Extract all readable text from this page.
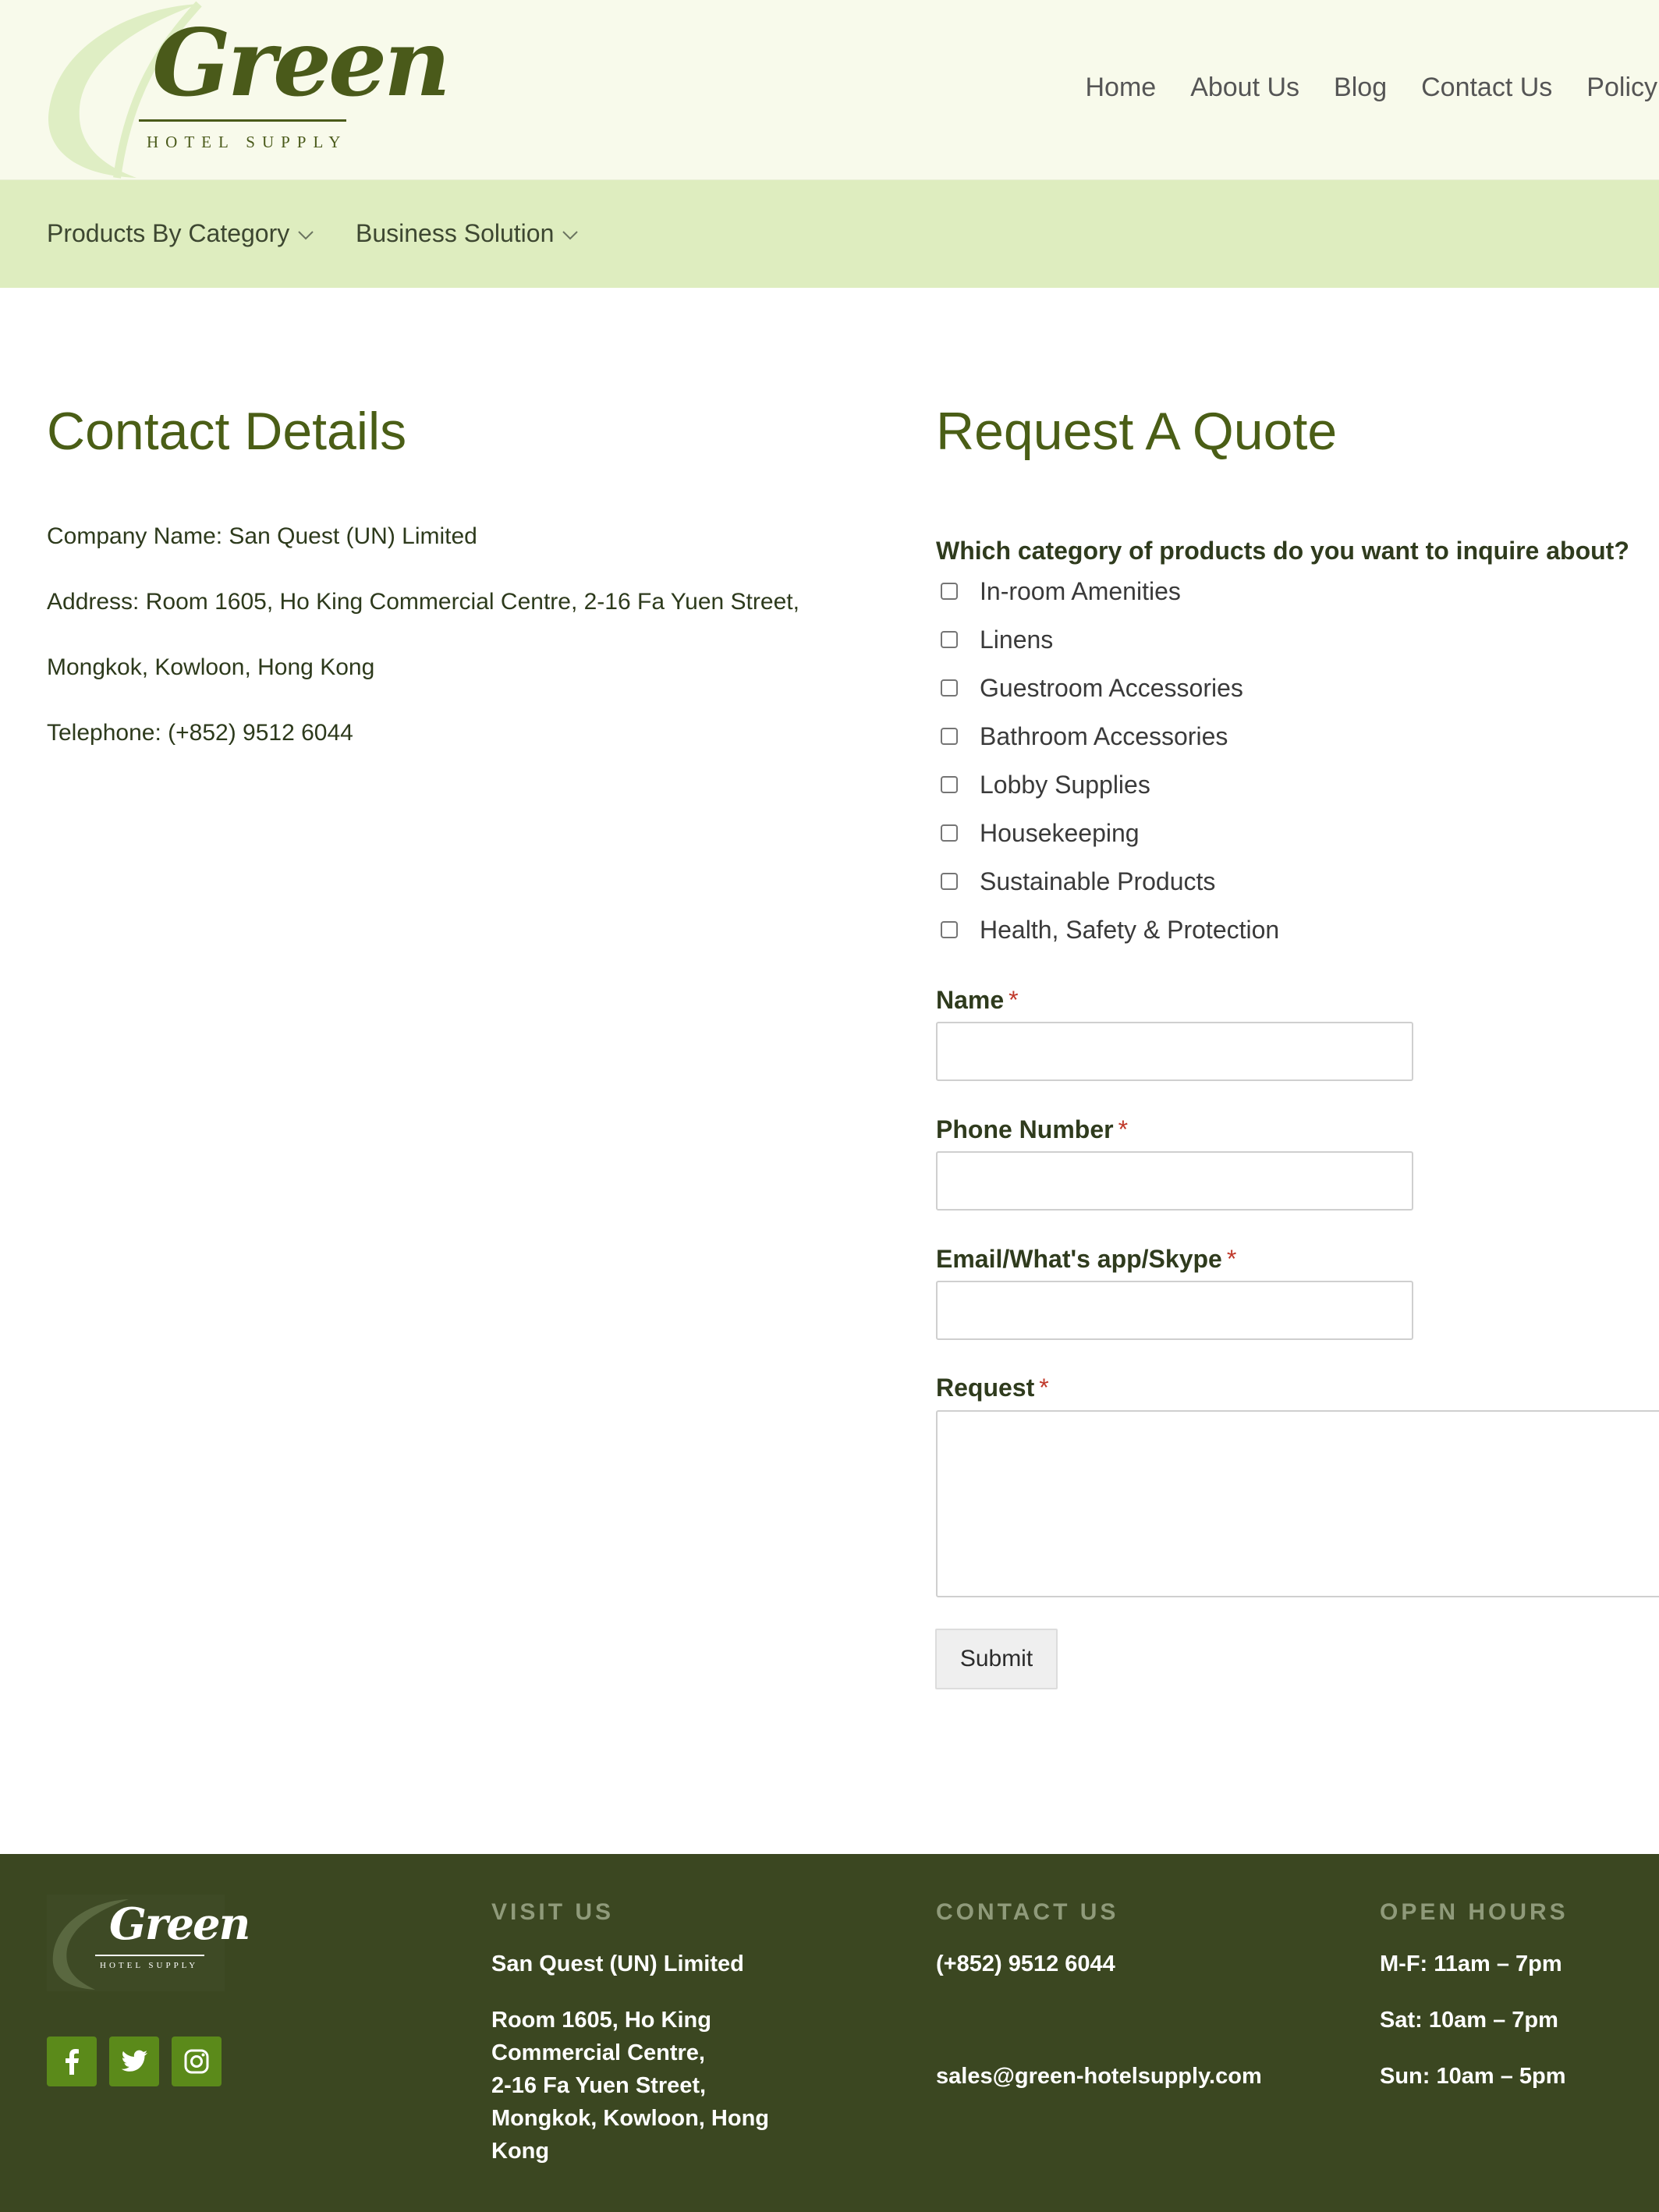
Green
HOTEL SUPPLY
Home About Us Blog Contact Us Policy
Products By Category	Business Solution
Contact Details
Company Name: San Quest (UN) Limited
Address: Room 1605, Ho King Commercial Centre, 2-16 Fa Yuen Street,
Mongkok, Kowloon, Hong Kong
Telephone: (+852) 9512 6044
Request A Quote
Which category of products do you want to inquire about?
In-room Amenities
Linens
Guestroom Accessories
Bathroom Accessories
Lobby Supplies
Housekeeping
Sustainable Products
Health, Safety & Protection
Name *
Phone Number *
Email/What's app/Skype *
Request *
Submit
Green
HOTEL SUPPLY
VISIT US
San Quest (UN) Limited
Room 1605, Ho King
Commercial Centre,
2-16 Fa Yuen Street,
Mongkok, Kowloon, Hong
Kong
CONTACT US
(+852) 9512 6044
sales@green-hotelsupply.com
OPEN HOURS
M-F: 11am – 7pm
Sat: 10am – 7pm
Sun: 10am – 5pm
